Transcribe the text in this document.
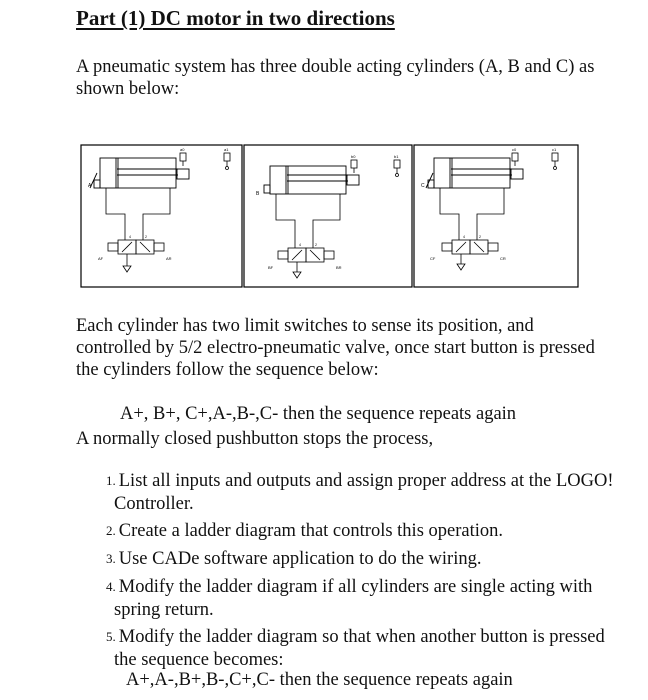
Part (1) DC motor in two directions

A pneumatic system has three double acting cylinders (A, B and C) as shown below:

A
a0	a1
4	2
AF	AR
B
b0	b1
4	2
BF	BR
C
c0	c1
4	2
CF	CR

Each cylinder has two limit switches to sense its position, and controlled by 5/2 electro-pneumatic valve, once start button is pressed the cylinders follow the sequence below:

A+, B+, C+,A-,B-,C- then the sequence repeats again

A normally closed pushbutton stops the process,

1. List all inputs and outputs and assign proper address at the LOGO! Controller.
2. Create a ladder diagram that controls this operation.
3. Use CADe software application to do the wiring.
4. Modify the ladder diagram if all cylinders are single acting with spring return.
5. Modify the ladder diagram so that when another button is pressed the sequence becomes:

A+,A-,B+,B-,C+,C- then the sequence repeats again
